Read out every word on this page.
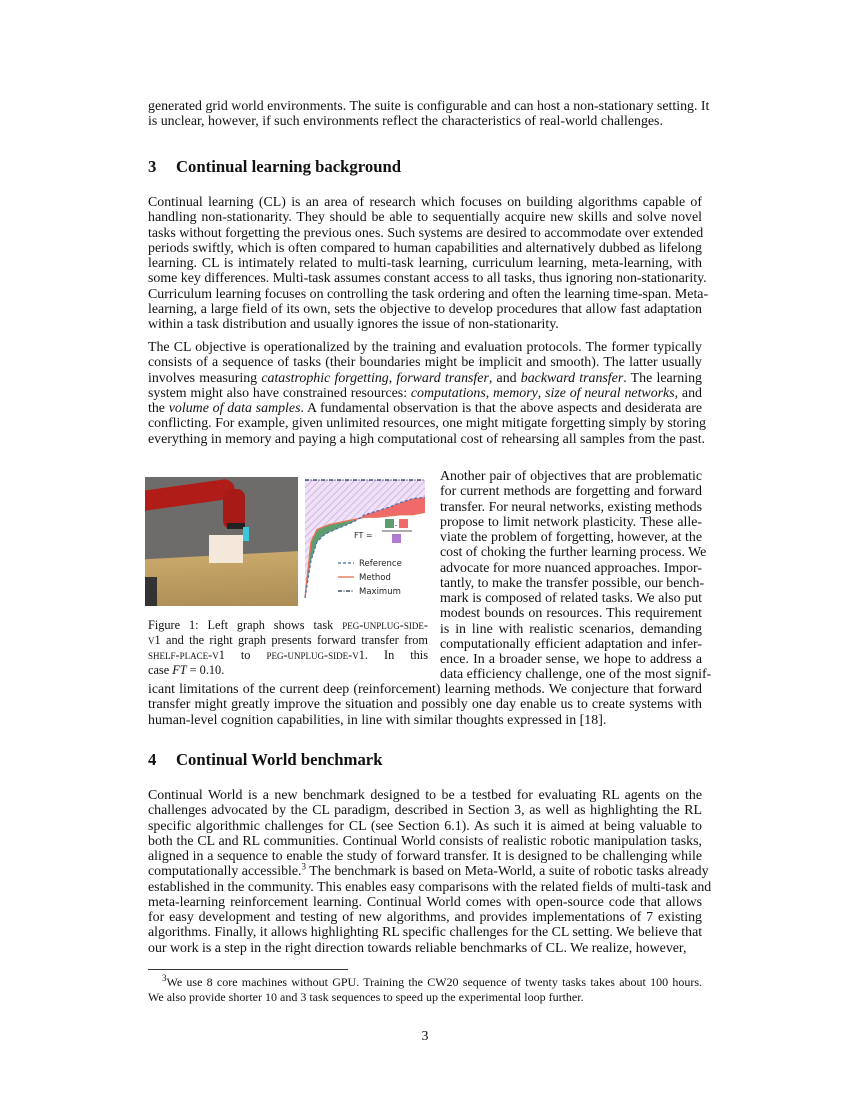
generated grid world environments. The suite is configurable and can host a non-stationary setting. It
is unclear, however, if such environments reflect the characteristics of real-world challenges.
3 Continual learning background
Continual learning (CL) is an area of research which focuses on building algorithms capable of
handling non-stationarity. They should be able to sequentially acquire new skills and solve novel
tasks without forgetting the previous ones. Such systems are desired to accommodate over extended
periods swiftly, which is often compared to human capabilities and alternatively dubbed as lifelong
learning. CL is intimately related to multi-task learning, curriculum learning, meta-learning, with
some key differences. Multi-task assumes constant access to all tasks, thus ignoring non-stationarity.
Curriculum learning focuses on controlling the task ordering and often the learning time-span. Meta-
learning, a large field of its own, sets the objective to develop procedures that allow fast adaptation
within a task distribution and usually ignores the issue of non-stationarity.
The CL objective is operationalized by the training and evaluation protocols. The former typically
consists of a sequence of tasks (their boundaries might be implicit and smooth). The latter usually
involves measuring catastrophic forgetting, forward transfer, and backward transfer. The learning
system might also have constrained resources: computations, memory, size of neural networks, and
the volume of data samples. A fundamental observation is that the above aspects and desiderata are
conflicting. For example, given unlimited resources, one might mitigate forgetting simply by storing
everything in memory and paying a high computational cost of rehearsing all samples from the past.
FT =
-
Reference
Method
Maximum
Figure 1: Left graph shows task peg-unplug-side-
v1 and the right graph presents forward transfer from
shelf-place-v1 to peg-unplug-side-v1. In this
case FT = 0.10.
Another pair of objectives that are problematic
for current methods are forgetting and forward
transfer. For neural networks, existing methods
propose to limit network plasticity. These alle-
viate the problem of forgetting, however, at the
cost of choking the further learning process. We
advocate for more nuanced approaches. Impor-
tantly, to make the transfer possible, our bench-
mark is composed of related tasks. We also put
modest bounds on resources. This requirement
is in line with realistic scenarios, demanding
computationally efficient adaptation and infer-
ence. In a broader sense, we hope to address a
data efficiency challenge, one of the most signif-
icant limitations of the current deep (reinforcement) learning methods. We conjecture that forward
transfer might greatly improve the situation and possibly one day enable us to create systems with
human-level cognition capabilities, in line with similar thoughts expressed in [18].
4 Continual World benchmark
Continual World is a new benchmark designed to be a testbed for evaluating RL agents on the
challenges advocated by the CL paradigm, described in Section 3, as well as highlighting the RL
specific algorithmic challenges for CL (see Section 6.1). As such it is aimed at being valuable to
both the CL and RL communities. Continual World consists of realistic robotic manipulation tasks,
aligned in a sequence to enable the study of forward transfer. It is designed to be challenging while
computationally accessible.$^3$ The benchmark is based on Meta-World, a suite of robotic tasks already
established in the community. This enables easy comparisons with the related fields of multi-task and
meta-learning reinforcement learning. Continual World comes with open-source code that allows
for easy development and testing of new algorithms, and provides implementations of 7 existing
algorithms. Finally, it allows highlighting RL specific challenges for the CL setting. We believe that
our work is a step in the right direction towards reliable benchmarks of CL. We realize, however,
$^3$We use 8 core machines without GPU. Training the CW20 sequence of twenty tasks takes about 100 hours.
We also provide shorter 10 and 3 task sequences to speed up the experimental loop further.
3
